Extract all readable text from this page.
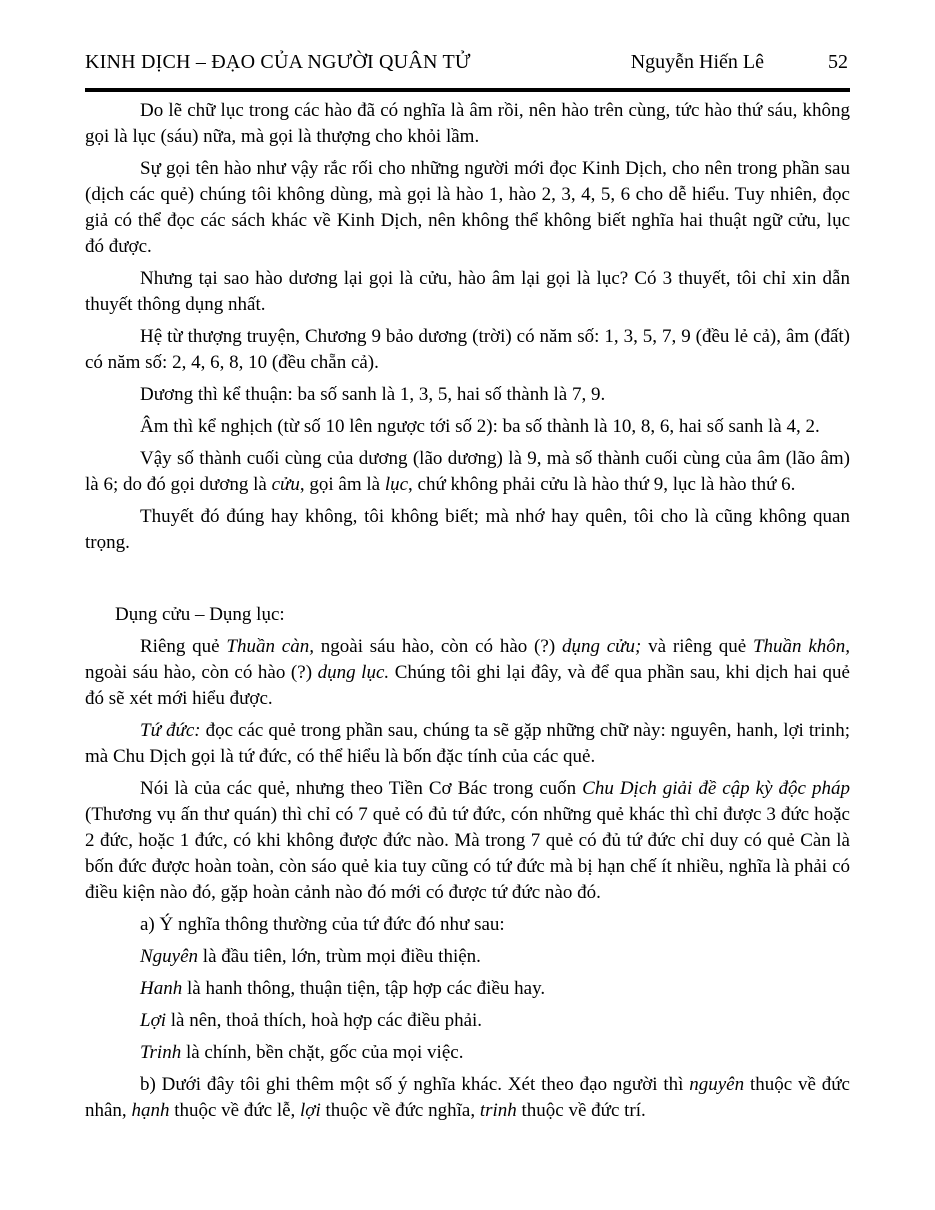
KINH DỊCH – ĐẠO CỦA NGƯỜI QUÂN TỬ	Nguyễn Hiến Lê	52

Do lẽ chữ lục trong các hào đã có nghĩa là âm rồi, nên hào trên cùng, tức hào thứ sáu, không gọi là lục (sáu) nữa, mà gọi là thượng cho khỏi lầm.

Sự gọi tên hào như vậy rắc rối cho những người mới đọc Kinh Dịch, cho nên trong phần sau (dịch các quẻ) chúng tôi không dùng, mà gọi là hào 1, hào 2, 3, 4, 5, 6 cho dễ hiểu. Tuy nhiên, đọc giả có thể đọc các sách khác về Kinh Dịch, nên không thể không biết nghĩa hai thuật ngữ cửu, lục đó được.

Nhưng tại sao hào dương lại gọi là cửu, hào âm lại gọi là lục? Có 3 thuyết, tôi chỉ xin dẫn thuyết thông dụng nhất.

Hệ từ thượng truyện, Chương 9 bảo dương (trời) có năm số: 1, 3, 5, 7, 9 (đều lẻ cả), âm (đất) có năm số: 2, 4, 6, 8, 10 (đều chẵn cả).

Dương thì kể thuận: ba số sanh là 1, 3, 5, hai số thành là 7, 9.

Âm thì kể nghịch (từ số 10 lên ngược tới số 2): ba số thành là 10, 8, 6, hai số sanh là 4, 2.

Vậy số thành cuối cùng của dương (lão dương) là 9, mà số thành cuối cùng của âm (lão âm) là 6; do đó gọi dương là cửu, gọi âm là lục, chứ không phải cửu là hào thứ 9, lục là hào thứ 6.

Thuyết đó đúng hay không, tôi không biết; mà nhớ hay quên, tôi cho là cũng không quan trọng.

Dụng cửu – Dụng lục:

Riêng quẻ Thuần càn, ngoài sáu hào, còn có hào (?) dụng cửu; và riêng quẻ Thuần khôn, ngoài sáu hào, còn có hào (?) dụng lục. Chúng tôi ghi lại đây, và để qua phần sau, khi dịch hai quẻ đó sẽ xét mới hiểu được.

Tứ đức: đọc các quẻ trong phần sau, chúng ta sẽ gặp những chữ này: nguyên, hanh, lợi trinh; mà Chu Dịch gọi là tứ đức, có thể hiểu là bốn đặc tính của các quẻ.

Nói là của các quẻ, nhưng theo Tiền Cơ Bác trong cuốn Chu Dịch giải đề cập kỳ độc pháp (Thương vụ ấn thư quán) thì chỉ có 7 quẻ có đủ tứ đức, cón những quẻ khác thì chỉ được 3 đức hoặc 2 đức, hoặc 1 đức, có khi không được đức nào. Mà trong 7 quẻ có đủ tứ đức chỉ duy có quẻ Càn là bốn đức được hoàn toàn, còn sáo quẻ kia tuy cũng có tứ đức mà bị hạn chế ít nhiều, nghĩa là phải có điều kiện nào đó, gặp hoàn cảnh nào đó mới có được tứ đức nào đó.

a) Ý nghĩa thông thường của tứ đức đó như sau:

Nguyên là đầu tiên, lớn, trùm mọi điều thiện.

Hanh là hanh thông, thuận tiện, tập hợp các điều hay.

Lợi là nên, thoả thích, hoà hợp các điều phải.

Trinh là chính, bền chặt, gốc của mọi việc.

b) Dưới đây tôi ghi thêm một số ý nghĩa khác. Xét theo đạo người thì nguyên thuộc về đức nhân, hạnh thuộc về đức lễ, lợi thuộc về đức nghĩa, trinh thuộc về đức trí.
